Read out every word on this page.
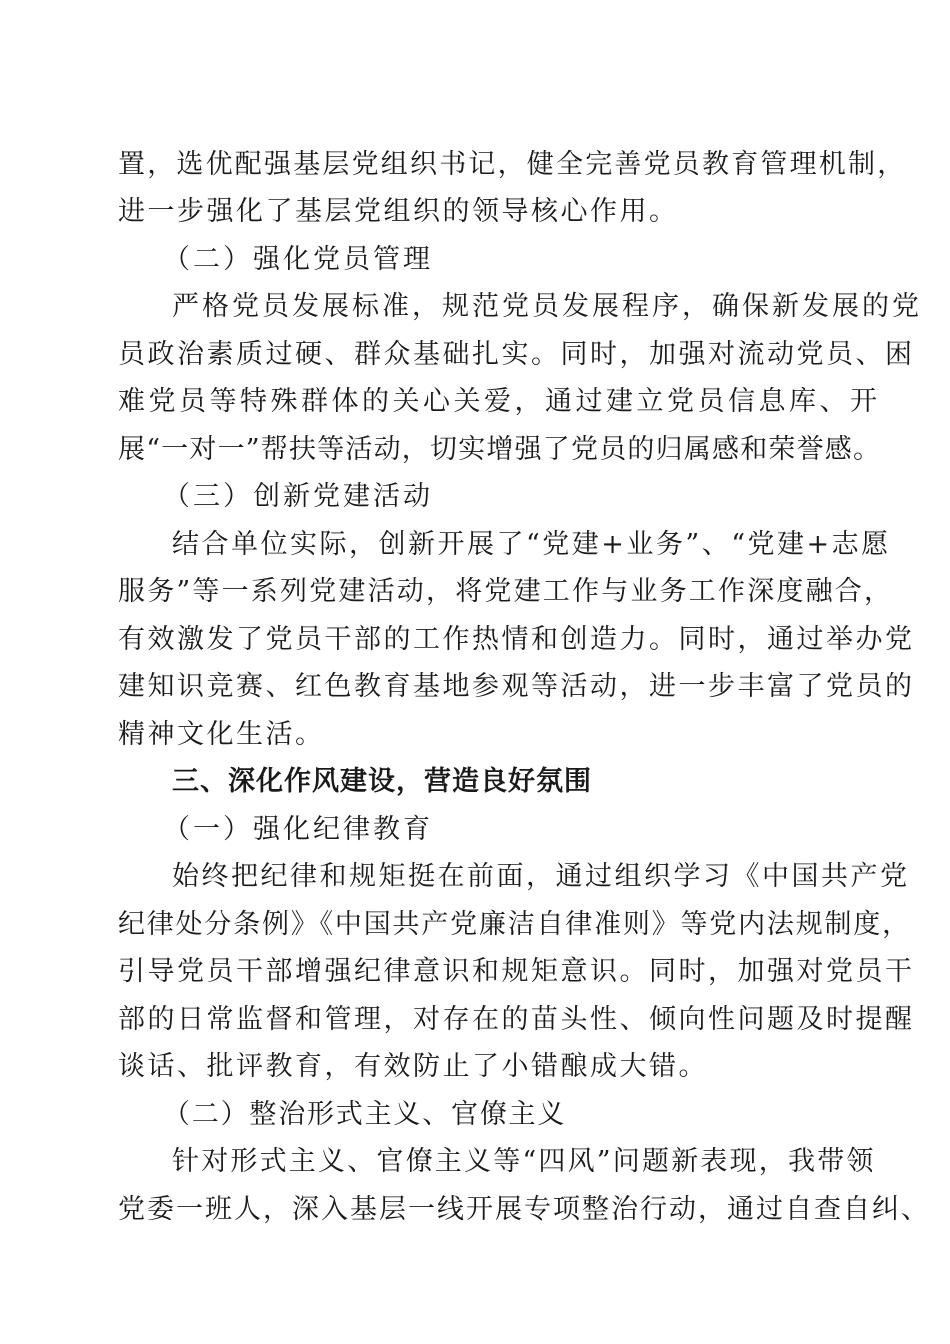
置，选优配强基层党组织书记，健全完善党员教育管理机制，
进一步强化了基层党组织的领导核心作用。
（二）强化党员管理
严格党员发展标准，规范党员发展程序，确保新发展的党
员政治素质过硬、群众基础扎实。同时，加强对流动党员、困
难党员等特殊群体的关心关爱，通过建立党员信息库、开
展“一对一”帮扶等活动，切实增强了党员的归属感和荣誉感。
（三）创新党建活动
结合单位实际，创新开展了“党建+业务”、“党建+志愿
服务”等一系列党建活动，将党建工作与业务工作深度融合，
有效激发了党员干部的工作热情和创造力。同时，通过举办党
建知识竞赛、红色教育基地参观等活动，进一步丰富了党员的
精神文化生活。
三、深化作风建设，营造良好氛围
（一）强化纪律教育
始终把纪律和规矩挺在前面，通过组织学习《中国共产党
纪律处分条例》《中国共产党廉洁自律准则》等党内法规制度，
引导党员干部增强纪律意识和规矩意识。同时，加强对党员干
部的日常监督和管理，对存在的苗头性、倾向性问题及时提醒
谈话、批评教育，有效防止了小错酿成大错。
（二）整治形式主义、官僚主义
针对形式主义、官僚主义等“四风”问题新表现，我带领
党委一班人，深入基层一线开展专项整治行动，通过自查自纠、
